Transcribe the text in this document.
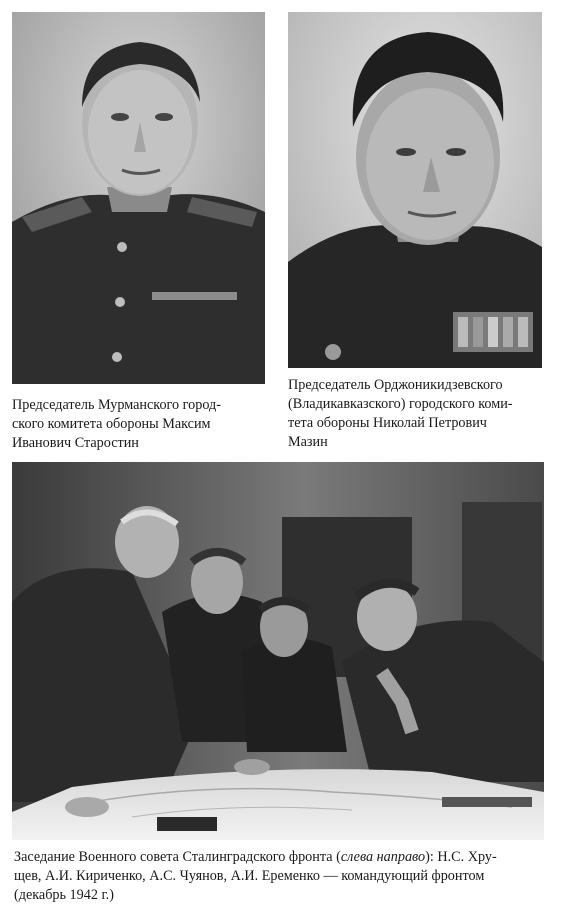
Председатель Мурманского город-
ского комитета обороны Максим
Иванович Старостин

Председатель Орджоникидзевского
(Владикавказского) городского коми-
тета обороны Николай Петрович
Мазин

Заседание Военного совета Сталинградского фронта (слева направо): Н.С. Хру-
щев, А.И. Кириченко, А.С. Чуянов, А.И. Еременко — командующий фронтом
(декабрь 1942 г.)
